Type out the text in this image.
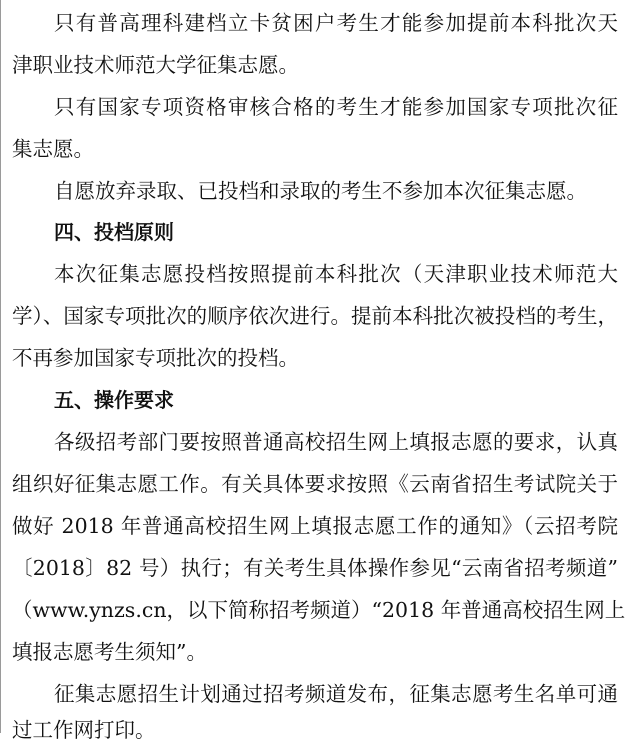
只有普高理科建档立卡贫困户考生才能参加提前本科批次天
津职业技术师范大学征集志愿。
只有国家专项资格审核合格的考生才能参加国家专项批次征
集志愿。
自愿放弃录取、已投档和录取的考生不参加本次征集志愿。
四、投档原则
本次征集志愿投档按照提前本科批次（天津职业技术师范大
学）、国家专项批次的顺序依次进行。提前本科批次被投档的考生，
不再参加国家专项批次的投档。
五、操作要求
各级招考部门要按照普通高校招生网上填报志愿的要求，认真
组织好征集志愿工作。有关具体要求按照《云南省招生考试院关于
做好 2018 年普通高校招生网上填报志愿工作的通知》（云招考院
〔2018〕82 号）执行；有关考生具体操作参见“云南省招考频道”
（www.ynzs.cn，以下简称招考频道）“2018 年普通高校招生网上
填报志愿考生须知”。
征集志愿招生计划通过招考频道发布，征集志愿考生名单可通
过工作网打印。
